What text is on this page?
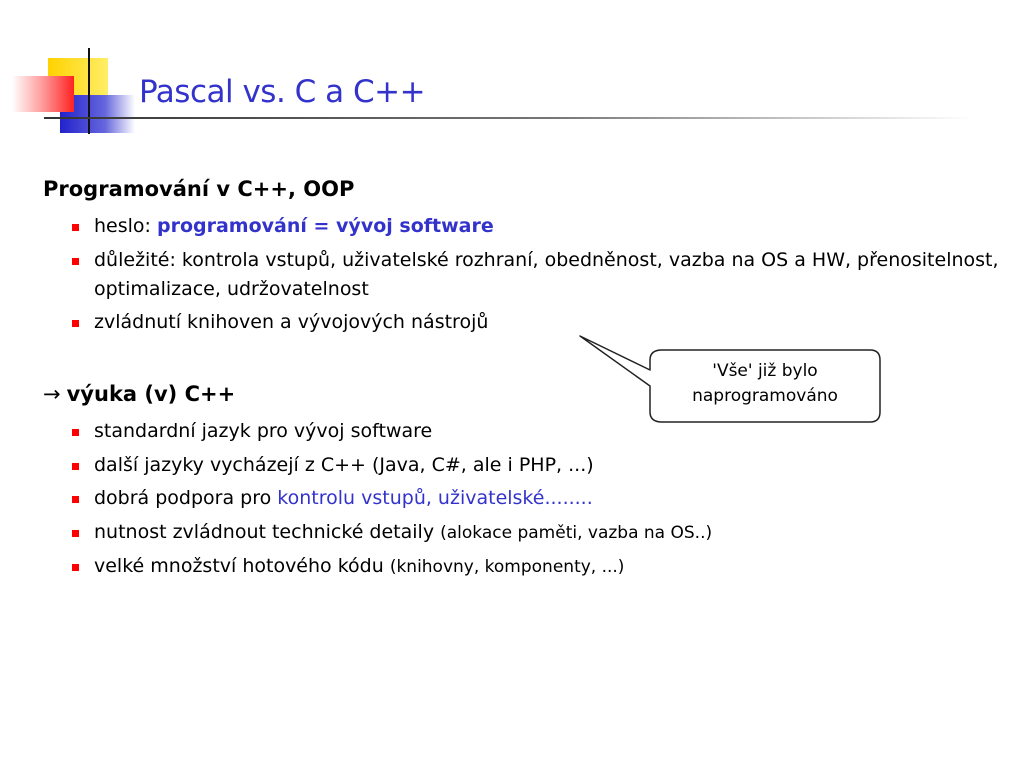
Pascal vs. C a C++
Programování v C++, OOP
heslo: programování = vývoj software
důležité: kontrola vstupů, uživatelské rozhraní, obedněnost, vazba na OS a HW, přenositelnost, optimalizace, udržovatelnost
zvládnutí knihoven a vývojových nástrojů
→ výuka (v) C++
standardní jazyk pro vývoj software
další jazyky vycházejí z C++ (Java, C#, ale i PHP, ...)
dobrá podpora pro kontrolu vstupů, uživatelské........
nutnost zvládnout technické detaily (alokace paměti, vazba na OS..)
velké množství hotového kódu (knihovny, komponenty, ...)
'Vše' již bylo
naprogramováno
